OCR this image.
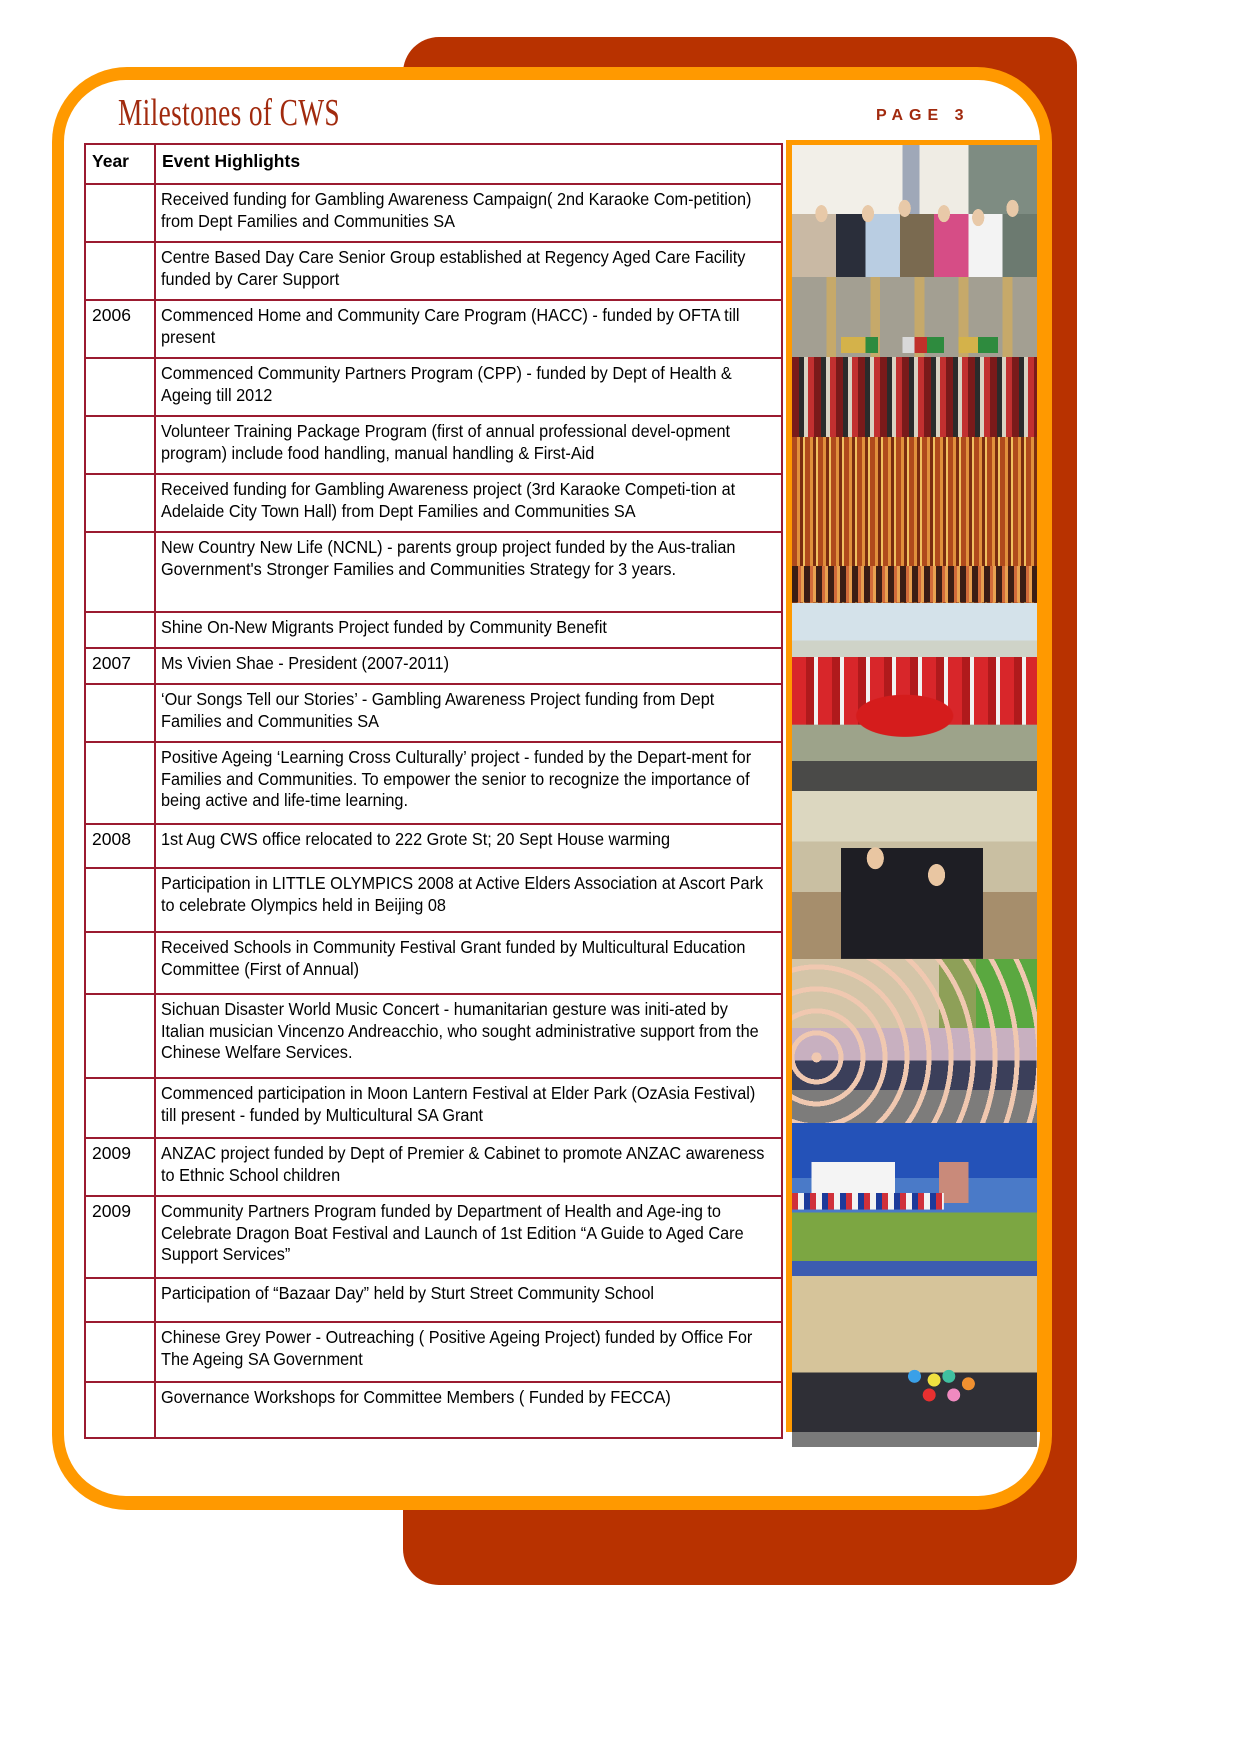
Milestones of CWS	PAGE 3
Year	Event Highlights

	Received funding for Gambling Awareness Campaign( 2nd Karaoke Com-petition) from Dept Families and Communities SA

	Centre Based Day Care Senior Group established at Regency Aged Care Facility funded by Carer Support

2006	Commenced Home and Community Care Program (HACC) - funded by OFTA till present

	Commenced Community Partners Program (CPP) - funded by Dept of Health & Ageing till 2012

	Volunteer Training Package Program (first of annual professional devel-opment program) include food handling, manual handling & First-Aid

	Received funding for Gambling Awareness project (3rd Karaoke Competi-tion at Adelaide City Town Hall) from Dept Families and Communities SA

	New Country New Life (NCNL) - parents group project funded by the Aus-tralian Government's Stronger Families and Communities Strategy for 3 years.

	Shine On-New Migrants Project funded by Community Benefit

2007	Ms Vivien Shae - President (2007-2011)

	‘Our Songs Tell our Stories’ - Gambling Awareness Project funding from Dept Families and Communities SA

	Positive Ageing ‘Learning Cross Culturally’ project - funded by the Depart-ment for Families and Communities. To empower the senior to recognize the importance of being active and life-time learning.

2008	1st Aug CWS office relocated to 222 Grote St; 20 Sept House warming

	Participation in LITTLE OLYMPICS 2008 at Active Elders Association at Ascort Park to celebrate Olympics held in Beijing 08

	Received Schools in Community Festival Grant funded by Multicultural Education Committee (First of Annual)

	Sichuan Disaster World Music Concert - humanitarian gesture was initi-ated by Italian musician Vincenzo Andreacchio, who sought administrative support from the Chinese Welfare Services.

	Commenced participation in Moon Lantern Festival at Elder Park (OzAsia Festival) till present - funded by Multicultural SA Grant

2009	ANZAC project funded by Dept of Premier & Cabinet to promote ANZAC awareness to Ethnic School children

2009	Community Partners Program funded by Department of Health and Age-ing to Celebrate Dragon Boat Festival and Launch of 1st Edition “A Guide to Aged Care Support Services”

	Participation of “Bazaar Day” held by Sturt Street Community School

	Chinese Grey Power - Outreaching ( Positive Ageing Project) funded by Office For The Ageing SA Government

	Governance Workshops for Committee Members ( Funded by FECCA)
